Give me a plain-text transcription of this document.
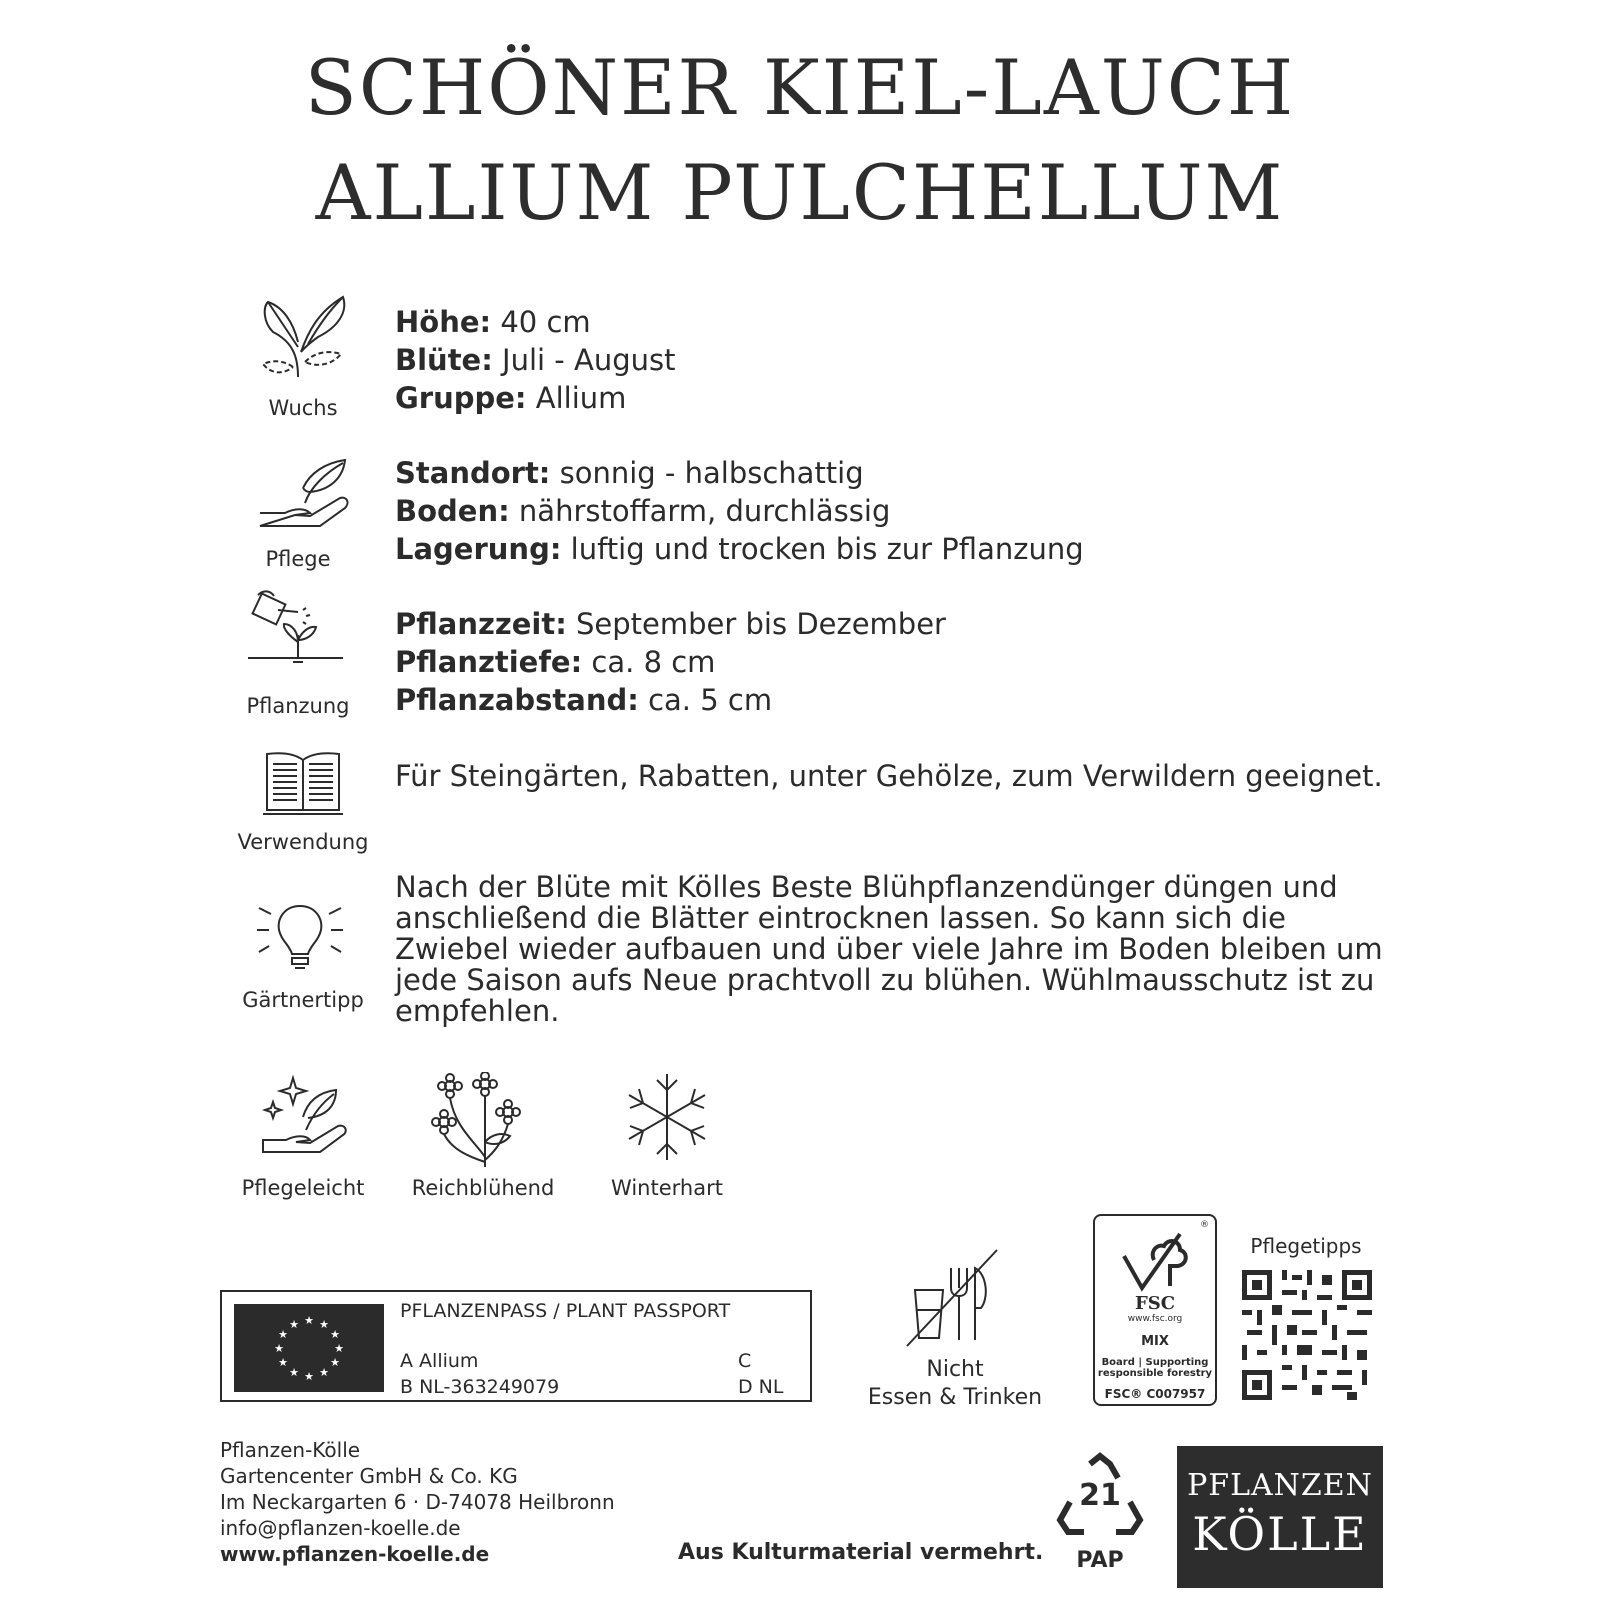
SCHÖNER KIEL-LAUCH
ALLIUM PULCHELLUM
Wuchs
Höhe: 40 cm
Blüte: Juli - August
Gruppe: Allium
Pflege
Standort: sonnig - halbschattig
Boden: nährstoffarm, durchlässig
Lagerung: luftig und trocken bis zur Pflanzung
Pflanzung
Pflanzzeit: September bis Dezember
Pflanztiefe: ca. 8 cm
Pflanzabstand: ca. 5 cm
Verwendung
Für Steingärten, Rabatten, unter Gehölze, zum Verwildern geeignet.
Gärtnertipp
Nach der Blüte mit Kölles Beste Blühpflanzendünger düngen und anschließend die Blätter eintrocknen lassen. So kann sich die Zwiebel wieder aufbauen und über viele Jahre im Boden bleiben um jede Saison aufs Neue prachtvoll zu blühen. Wühlmausschutz ist zu empfehlen.
Pflegeleicht	Reichblühend	Winterhart
★ ★
★
★
★
★
★
★
★
★
★
★
PFLANZENPASS / PLANT PASSPORT
A Allium
B NL-363249079
C
D NL
Nicht
Essen & Trinken
®
FSC
www.fsc.org
MIX
Board | Supporting
responsible forestry
FSC® C007957
Pflegetipps
Pflanzen-Kölle
Gartencenter GmbH & Co. KG
Im Neckargarten 6 · D-74078 Heilbronn
info@pflanzen-koelle.de
www.pflanzen-koelle.de	Aus Kulturmaterial vermehrt.
21
PAP
PFLANZEN
KÖLLE
